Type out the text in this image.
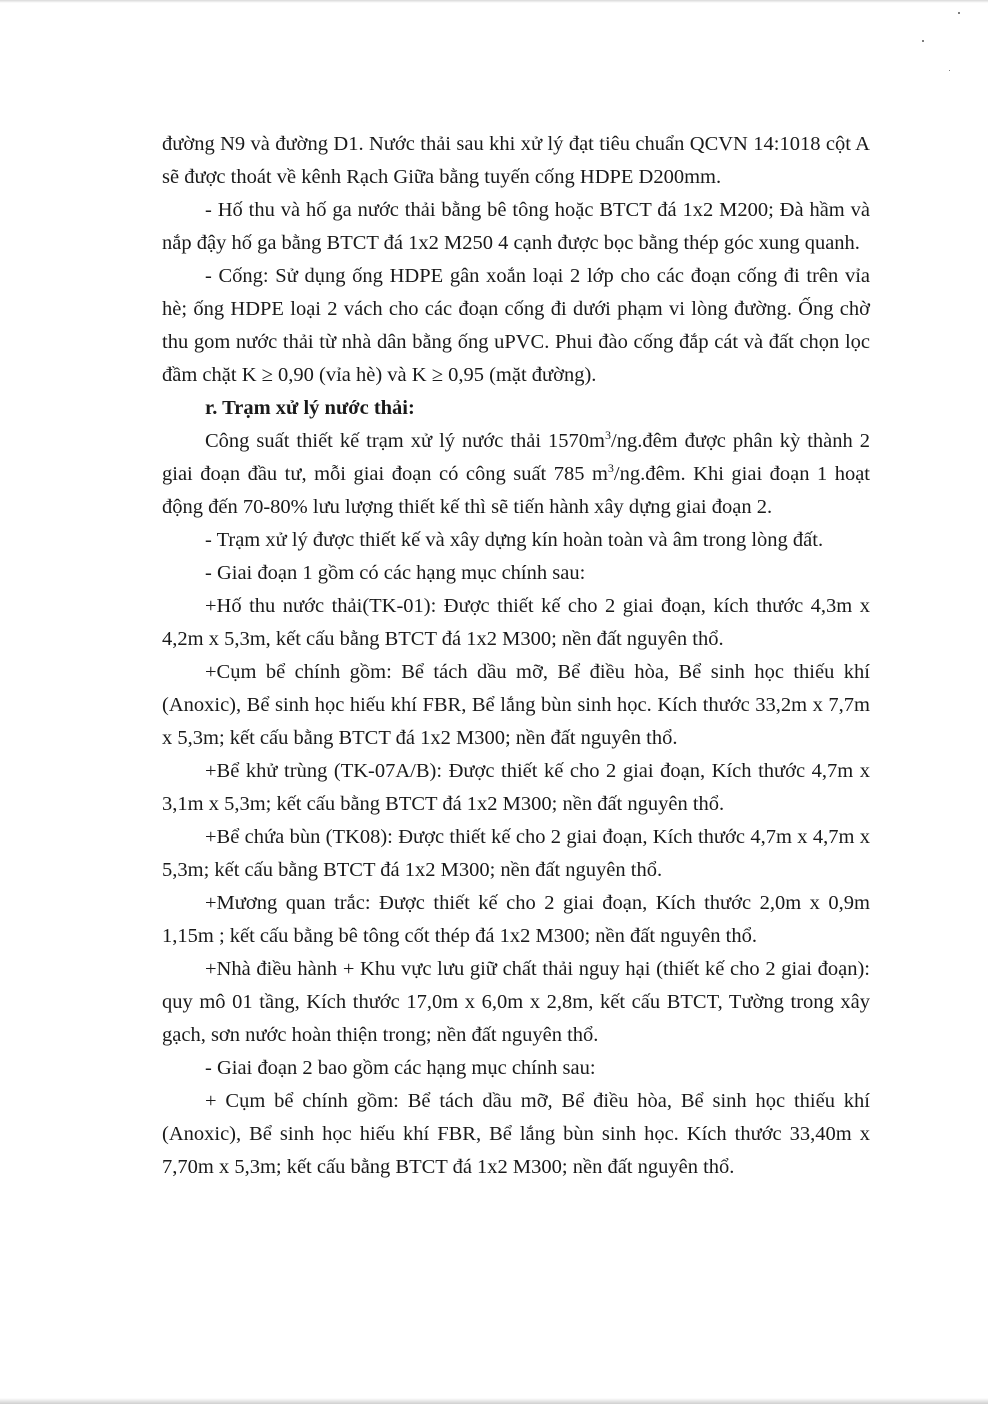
đường N9 và đường D1. Nước thải sau khi xử lý đạt tiêu chuẩn QCVN 14:1018 cột A sẽ được thoát về kênh Rạch Giữa bằng tuyến cống HDPE D200mm.

- Hố thu và hố ga nước thải bằng bê tông hoặc BTCT đá 1x2 M200; Đà hầm và nắp đậy hố ga bằng BTCT đá 1x2 M250 4 cạnh được bọc bằng thép góc xung quanh.

- Cống: Sử dụng ống HDPE gân xoắn loại 2 lớp cho các đoạn cống đi trên vỉa hè; ống HDPE loại 2 vách cho các đoạn cống đi dưới phạm vi lòng đường. Ống chờ thu gom nước thải từ nhà dân bằng ống uPVC. Phui đào cống đắp cát và đất chọn lọc đầm chặt K ≥ 0,90 (vỉa hè) và K ≥ 0,95 (mặt đường).

r. Trạm xử lý nước thải:

Công suất thiết kế trạm xử lý nước thải $1570m^3/ng.đêm$ được phân kỳ thành 2 giai đoạn đầu tư, mỗi giai đoạn có công suất 785 $m^3/ng.đêm$. Khi giai đoạn 1 hoạt động đến 70-80% lưu lượng thiết kế thì sẽ tiến hành xây dựng giai đoạn 2.

- Trạm xử lý được thiết kế và xây dựng kín hoàn toàn và âm trong lòng đất.

- Giai đoạn 1 gồm có các hạng mục chính sau:

+Hố thu nước thải(TK-01): Được thiết kế cho 2 giai đoạn, kích thước 4,3m x 4,2m x 5,3m, kết cấu bằng BTCT đá 1x2 M300; nền đất nguyên thổ.

+Cụm bể chính gồm: Bể tách dầu mỡ, Bể điều hòa, Bể sinh học thiếu khí (Anoxic), Bể sinh học hiếu khí FBR, Bể lắng bùn sinh học. Kích thước 33,2m x 7,7m x 5,3m; kết cấu bằng BTCT đá 1x2 M300; nền đất nguyên thổ.

+Bể khử trùng (TK-07A/B): Được thiết kế cho 2 giai đoạn, Kích thước 4,7m x 3,1m x 5,3m; kết cấu bằng BTCT đá 1x2 M300; nền đất nguyên thổ.

+Bể chứa bùn (TK08): Được thiết kế cho 2 giai đoạn, Kích thước 4,7m x 4,7m x 5,3m; kết cấu bằng BTCT đá 1x2 M300; nền đất nguyên thổ.

+Mương quan trắc: Được thiết kế cho 2 giai đoạn, Kích thước 2,0m x 0,9m 1,15m ; kết cấu bằng bê tông cốt thép đá 1x2 M300; nền đất nguyên thổ.

+Nhà điều hành + Khu vực lưu giữ chất thải nguy hại (thiết kế cho 2 giai đoạn): quy mô 01 tầng, Kích thước 17,0m x 6,0m x 2,8m, kết cấu BTCT, Tường trong xây gạch, sơn nước hoàn thiện trong; nền đất nguyên thổ.

- Giai đoạn 2 bao gồm các hạng mục chính sau:

+ Cụm bể chính gồm: Bể tách dầu mỡ, Bể điều hòa, Bể sinh học thiếu khí (Anoxic), Bể sinh học hiếu khí FBR, Bể lắng bùn sinh học. Kích thước 33,40m x 7,70m x 5,3m; kết cấu bằng BTCT đá 1x2 M300; nền đất nguyên thổ.
